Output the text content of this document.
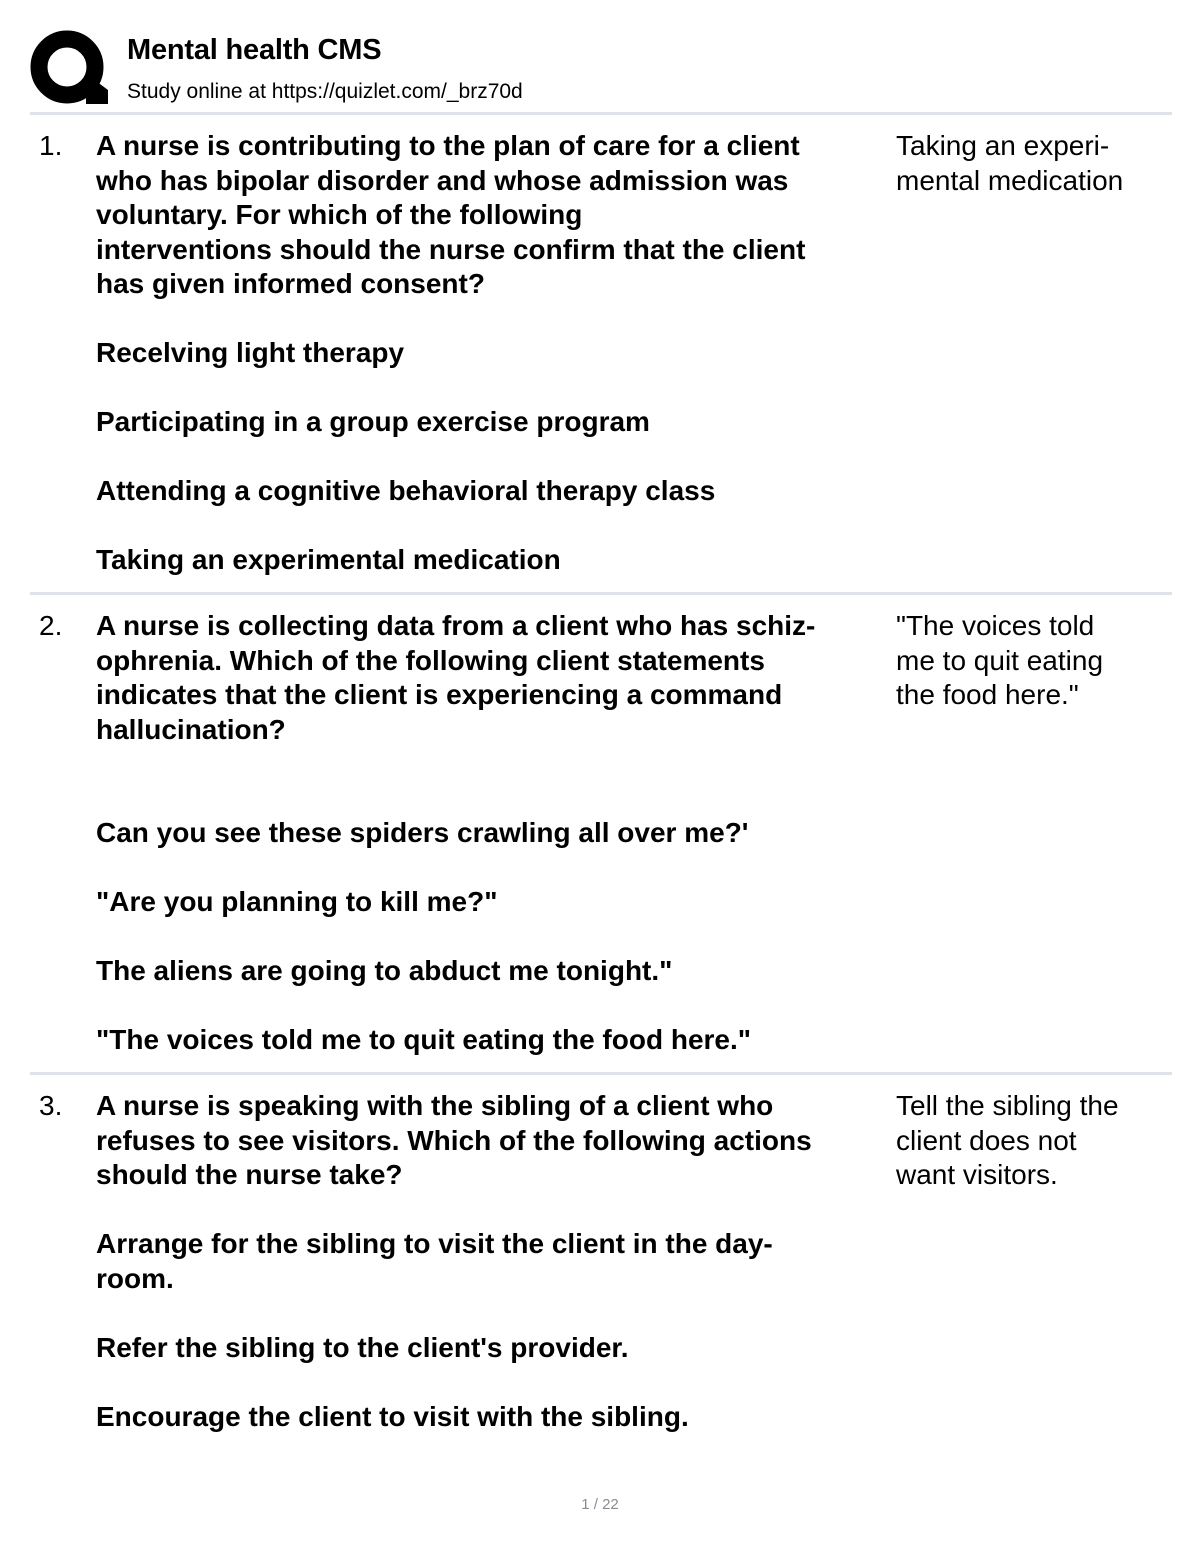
Mental health CMS
Study online at https://quizlet.com/_brz70d
1. A nurse is contributing to the plan of care for a client

who has bipolar disorder and whose admission was

voluntary. For which of the following

interventions should the nurse confirm that the client

has given informed consent?

Recelving light therapy

Participating in a group exercise program

Attending a cognitive behavioral therapy class

Taking an experimental medication

Taking an experi-

mental medication

2. A nurse is collecting data from a client who has schiz-

ophrenia. Which of the following client statements

indicates that the client is experiencing a command

hallucination?

Can you see these spiders crawling all over me?'

"Are you planning to kill me?"

The aliens are going to abduct me tonight."

"The voices told me to quit eating the food here."

"The voices told

me to quit eating

the food here."

3. A nurse is speaking with the sibling of a client who

refuses to see visitors. Which of the following actions

should the nurse take?

Arrange for the sibling to visit the client in the day-

room.

Refer the sibling to the client's provider.

Encourage the client to visit with the sibling.

Tell the sibling the

client does not

want visitors.

1 / 22
